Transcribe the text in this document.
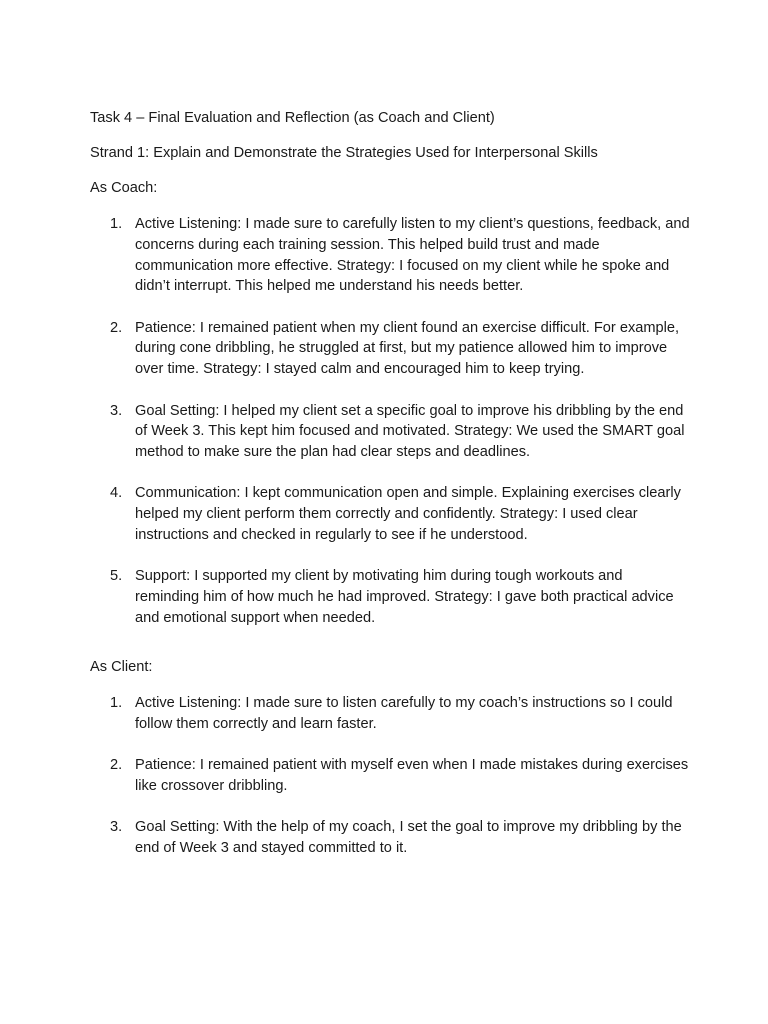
Task 4 – Final Evaluation and Reflection (as Coach and Client)

Strand 1: Explain and Demonstrate the Strategies Used for Interpersonal Skills

As Coach:

1. Active Listening: I made sure to carefully listen to my client’s questions, feedback, and concerns during each training session. This helped build trust and made communication more effective. Strategy: I focused on my client while he spoke and didn’t interrupt. This helped me understand his needs better.
2. Patience: I remained patient when my client found an exercise difficult. For example, during cone dribbling, he struggled at first, but my patience allowed him to improve over time. Strategy: I stayed calm and encouraged him to keep trying.
3. Goal Setting: I helped my client set a specific goal to improve his dribbling by the end of Week 3. This kept him focused and motivated. Strategy: We used the SMART goal method to make sure the plan had clear steps and deadlines.
4. Communication: I kept communication open and simple. Explaining exercises clearly helped my client perform them correctly and confidently. Strategy: I used clear instructions and checked in regularly to see if he understood.
5. Support: I supported my client by motivating him during tough workouts and reminding him of how much he had improved. Strategy: I gave both practical advice and emotional support when needed.

As Client:

1. Active Listening: I made sure to listen carefully to my coach’s instructions so I could follow them correctly and learn faster.
2. Patience: I remained patient with myself even when I made mistakes during exercises like crossover dribbling.
3. Goal Setting: With the help of my coach, I set the goal to improve my dribbling by the end of Week 3 and stayed committed to it.
